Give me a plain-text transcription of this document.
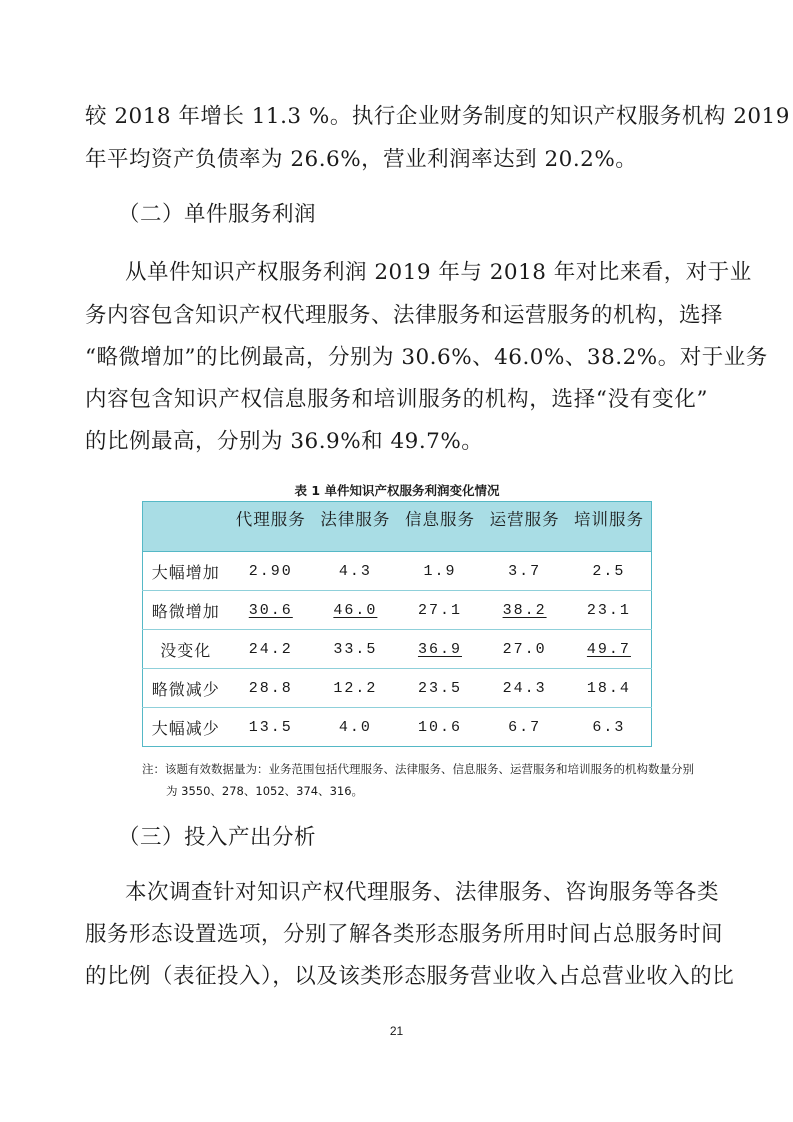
较 2018 年增长 11.3 %。执行企业财务制度的知识产权服务机构 2019
年平均资产负债率为 26.6%，营业利润率达到 20.2%。
（二）单件服务利润
从单件知识产权服务利润 2019 年与 2018 年对比来看，对于业
务内容包含知识产权代理服务、法律服务和运营服务的机构，选择
“略微增加”的比例最高，分别为 30.6%、46.0%、38.2%。对于业务
内容包含知识产权信息服务和培训服务的机构，选择“没有变化”
的比例最高，分别为 36.9%和 49.7%。
表 1 单件知识产权服务利润变化情况
	代理服务	法律服务	信息服务	运营服务	培训服务
大幅增加	2.90	4.3	1.9	3.7	2.5
略微增加	30.6	46.0	27.1	38.2	23.1
没变化	24.2	33.5	36.9	27.0	49.7
略微减少	28.8	12.2	23.5	24.3	18.4
大幅减少	13.5	4.0	10.6	6.7	6.3
注：该题有效数据量为：业务范围包括代理服务、法律服务、信息服务、运营服务和培训服务的机构数量分别
为 3550、278、1052、374、316。
（三）投入产出分析
本次调查针对知识产权代理服务、法律服务、咨询服务等各类
服务形态设置选项，分别了解各类形态服务所用时间占总服务时间
的比例（表征投入），以及该类形态服务营业收入占总营业收入的比
21
